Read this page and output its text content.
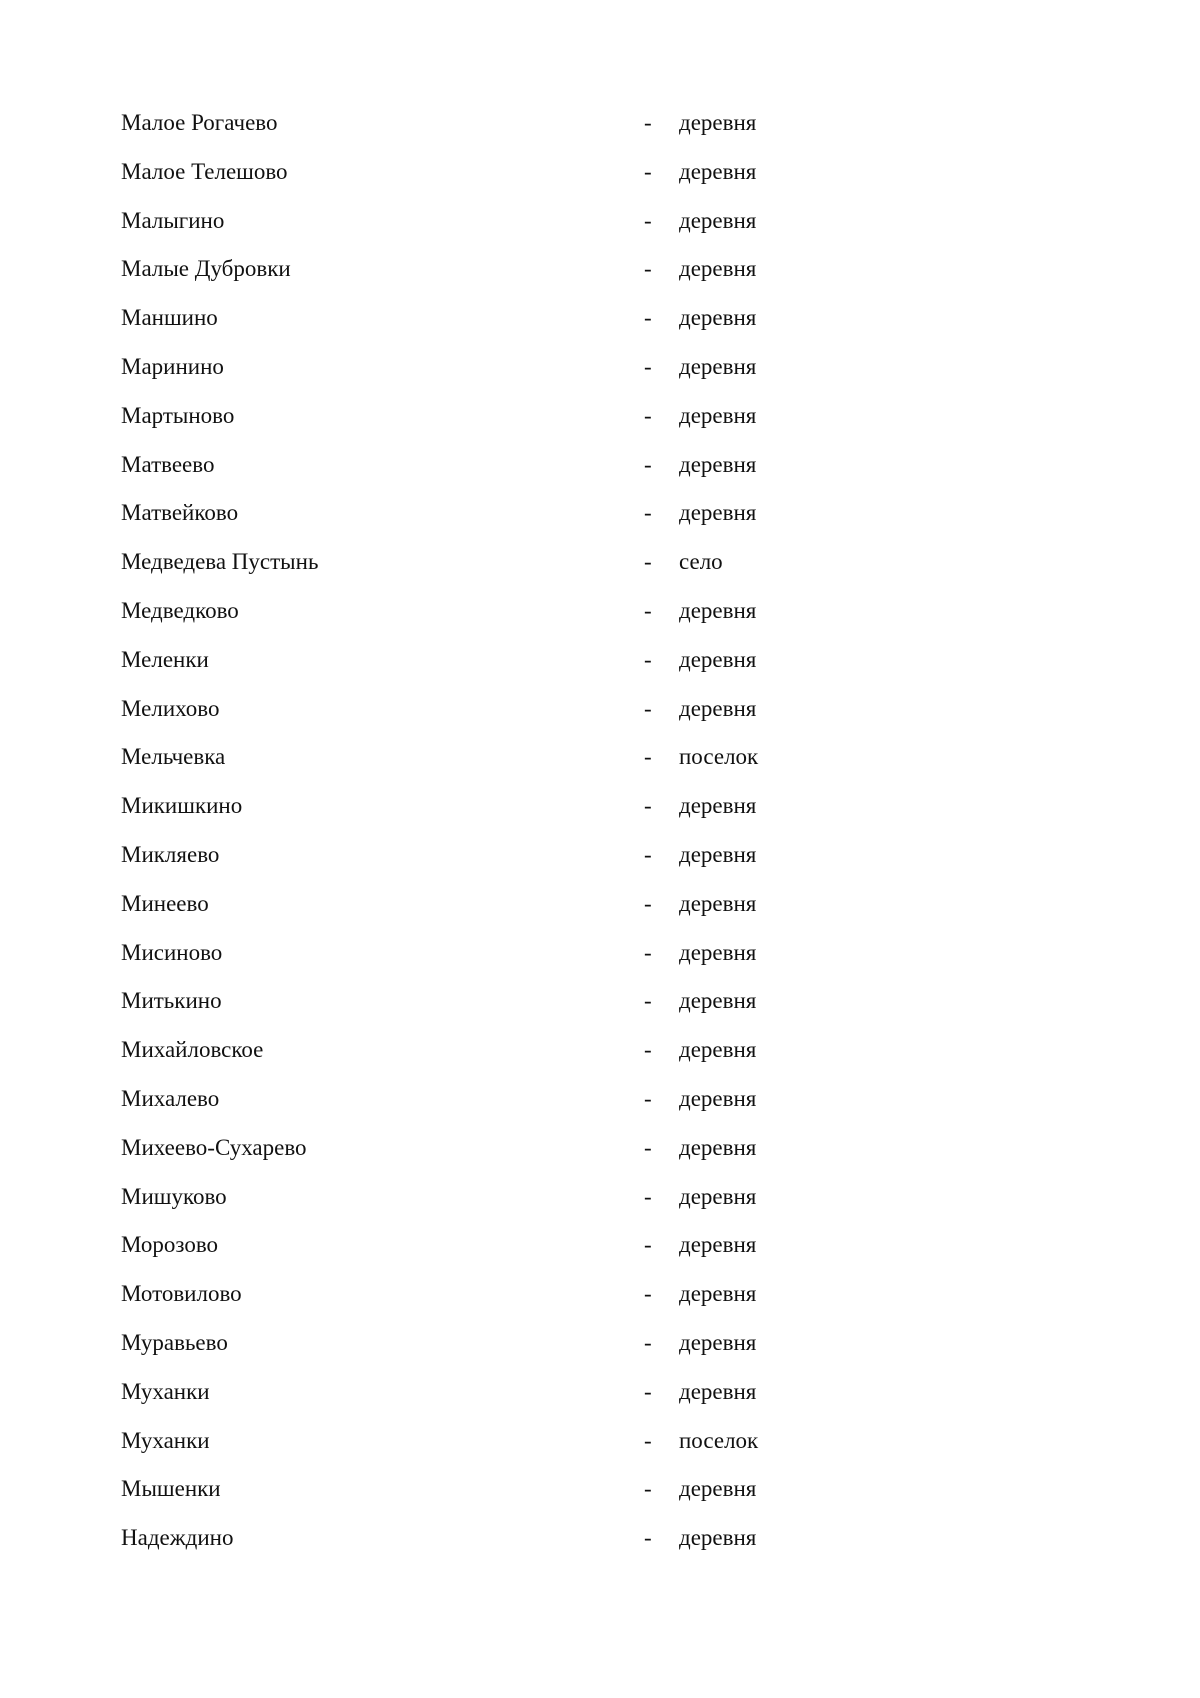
Малое Рогачево	- деревня
Малое Телешово	- деревня
Малыгино	- деревня
Малые Дубровки	- деревня
Маншино	- деревня
Маринино	- деревня
Мартыново	- деревня
Матвеево	- деревня
Матвейково	- деревня
Медведева Пустынь	- село
Медведково	- деревня
Меленки	- деревня
Мелихово	- деревня
Мельчевка	- поселок
Микишкино	- деревня
Микляево	- деревня
Минеево	- деревня
Мисиново	- деревня
Митькино	- деревня
Михайловское	- деревня
Михалево	- деревня
Михеево-Сухарево	- деревня
Мишуково	- деревня
Морозово	- деревня
Мотовилово	- деревня
Муравьево	- деревня
Муханки	- деревня
Муханки	- поселок
Мышенки	- деревня
Надеждино	- деревня
